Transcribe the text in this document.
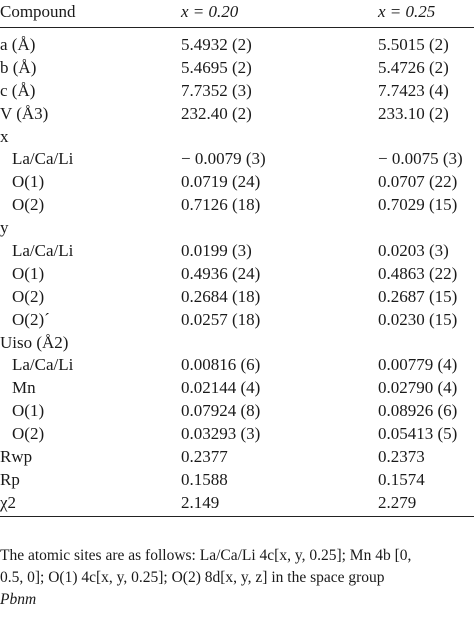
Compound	x = 0.20	x = 0.25
a (Å)	5.4932 (2)	5.5015 (2)
b (Å)	5.4695 (2)	5.4726 (2)
c (Å)	7.7352 (3)	7.7423 (4)
V (Å3)	232.40 (2)	233.10 (2)
x
La/Ca/Li	− 0.0079 (3)	− 0.0075 (3)
O(1)	0.0719 (24)	0.0707 (22)
O(2)	0.7126 (18)	0.7029 (15)
y
La/Ca/Li	0.0199 (3)	0.0203 (3)
O(1)	0.4936 (24)	0.4863 (22)
O(2)	0.2684 (18)	0.2687 (15)
O(2)´	0.0257 (18)	0.0230 (15)
Uiso (Å2)
La/Ca/Li	0.00816 (6)	0.00779 (4)
Mn	0.02144 (4)	0.02790 (4)
O(1)	0.07924 (8)	0.08926 (6)
O(2)	0.03293 (3)	0.05413 (5)
Rwp	0.2377	0.2373
Rp	0.1588	0.1574
χ2	2.149	2.279
The atomic sites are as follows: La/Ca/Li 4c[x, y, 0.25]; Mn 4b [0,
0.5, 0]; O(1) 4c[x, y, 0.25]; O(2) 8d[x, y, z] in the space group
Pbnm
